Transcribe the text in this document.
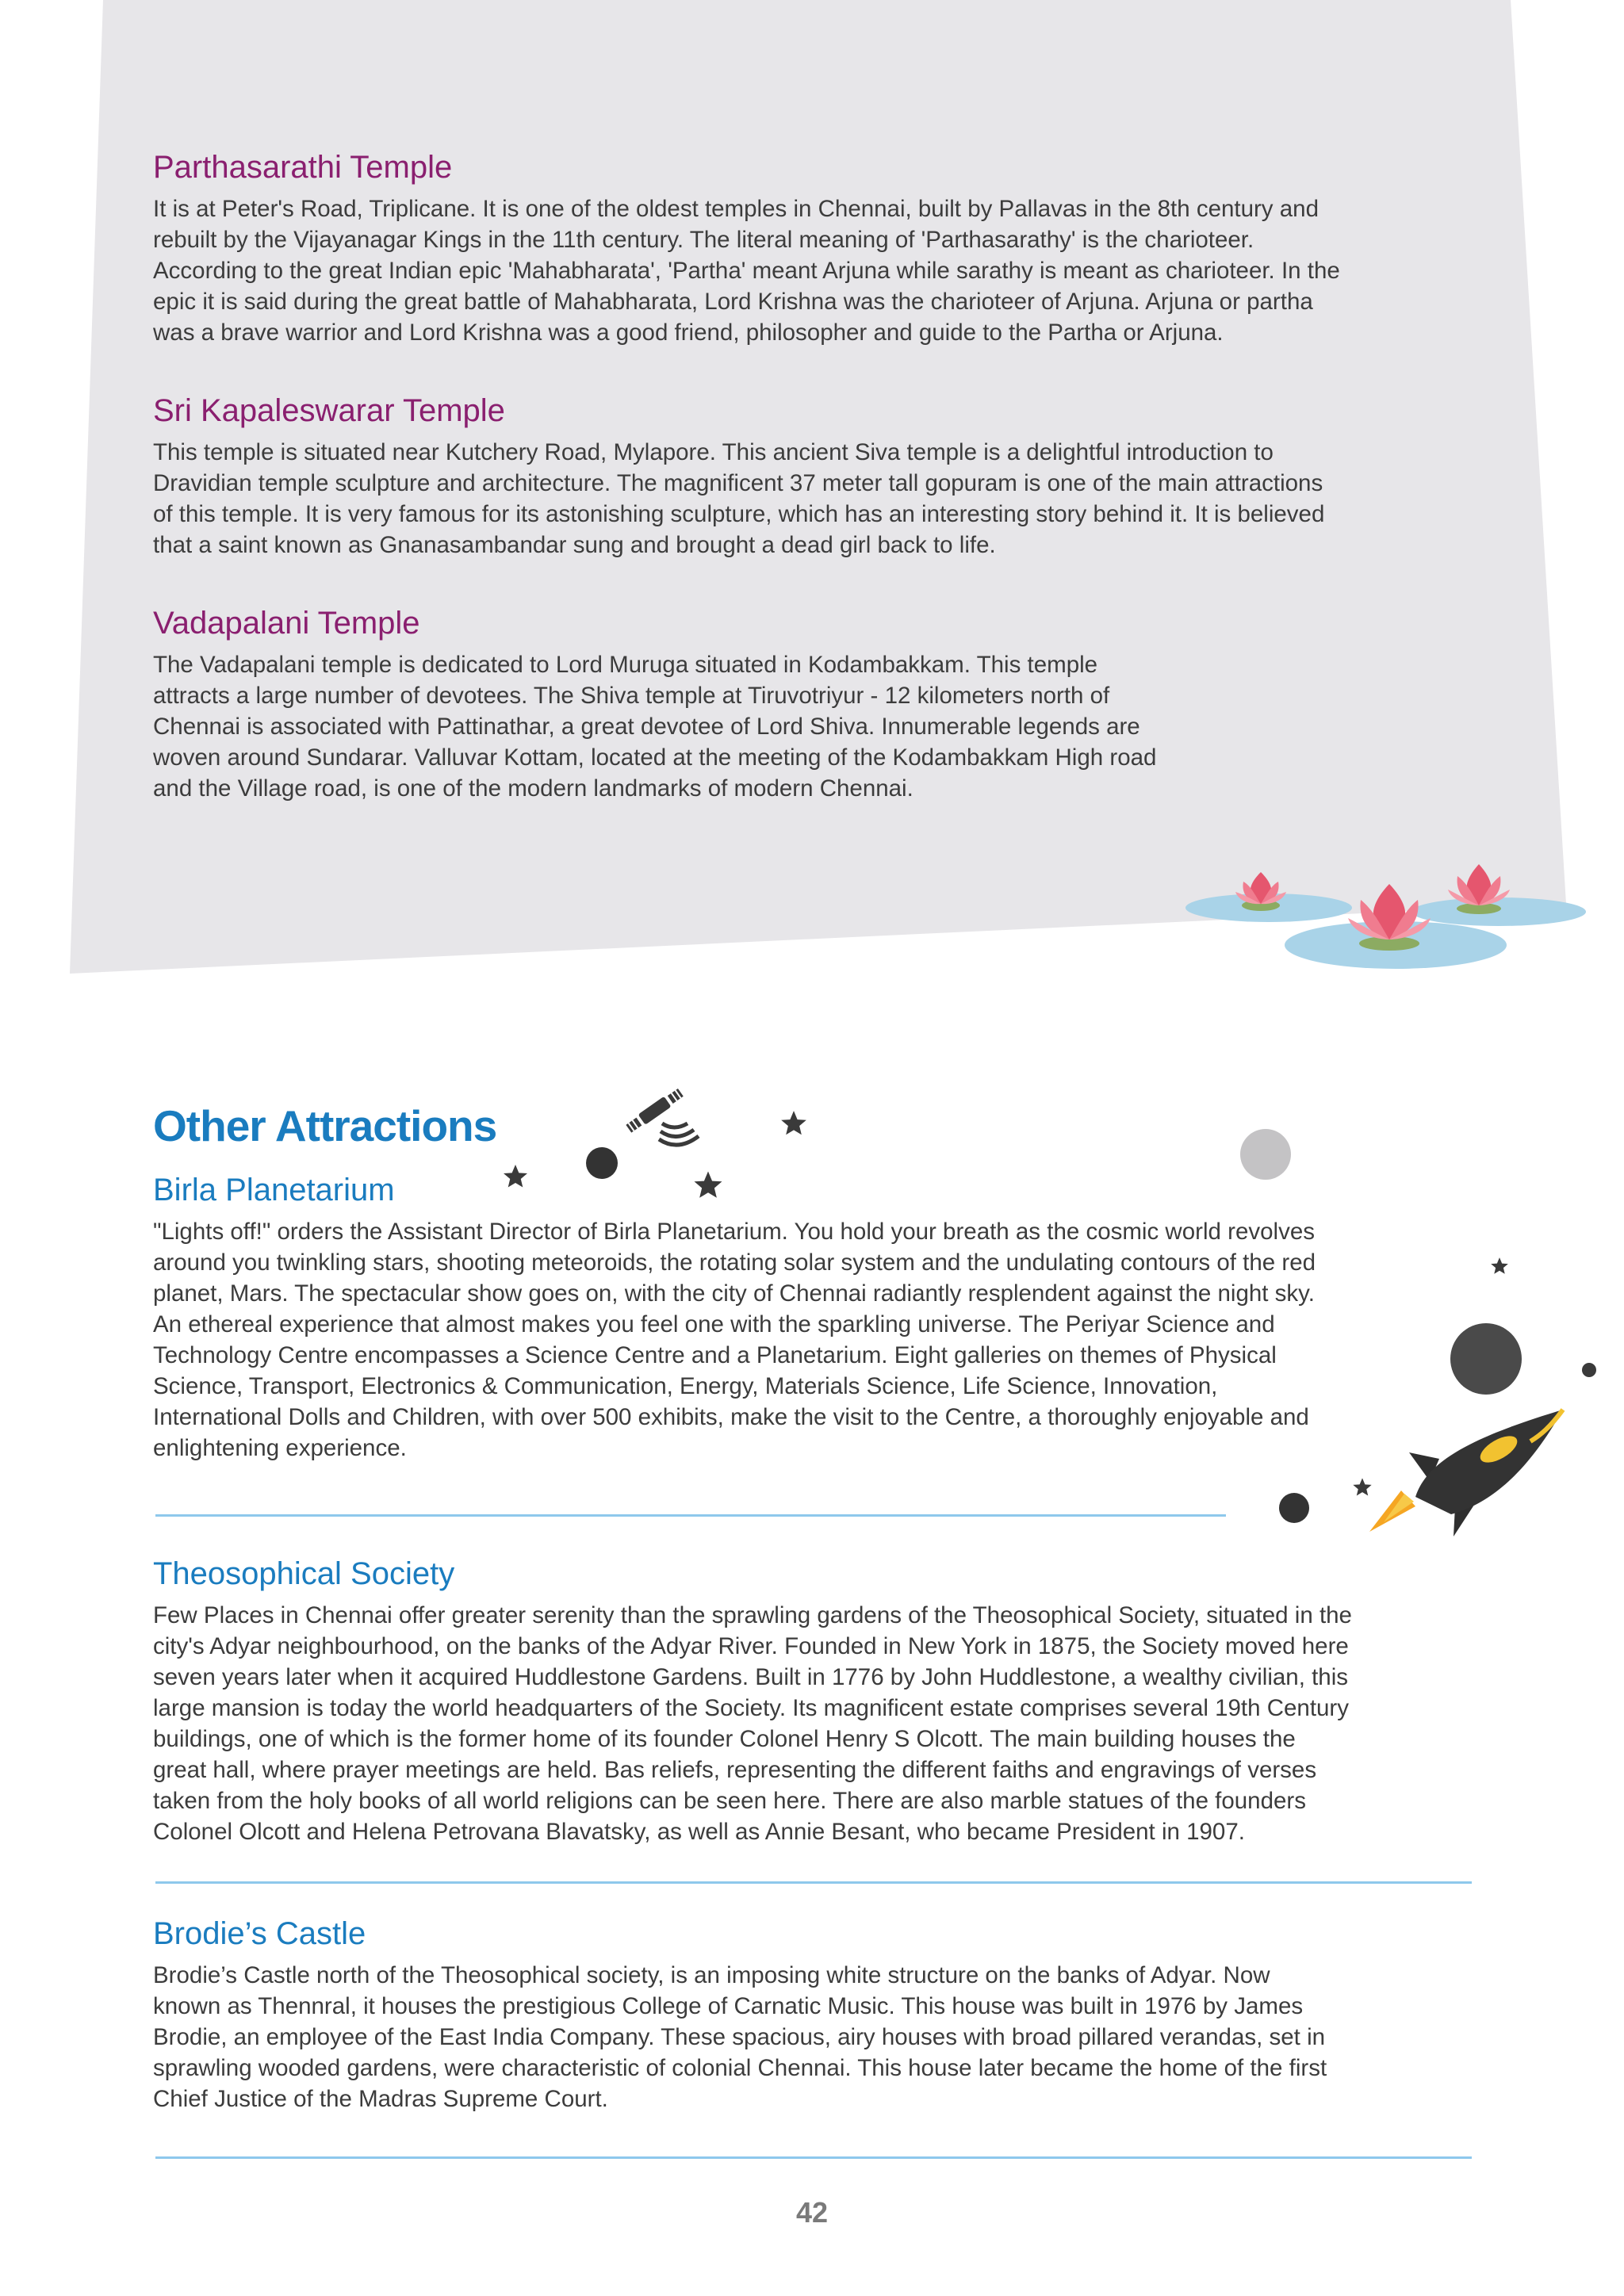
Parthasarathi Temple
It is at Peter's Road, Triplicane. It is one of the oldest temples in Chennai, built by Pallavas in the 8th century and
rebuilt by the Vijayanagar Kings in the 11th century. The literal meaning of 'Parthasarathy' is the charioteer.
According to the great Indian epic 'Mahabharata', 'Partha' meant Arjuna while sarathy is meant as charioteer. In the
epic it is said during the great battle of Mahabharata, Lord Krishna was the charioteer of Arjuna. Arjuna or partha
was a brave warrior and Lord Krishna was a good friend, philosopher and guide to the Partha or Arjuna.
Sri Kapaleswarar Temple
This temple is situated near Kutchery Road, Mylapore. This ancient Siva temple is a delightful introduction to
Dravidian temple sculpture and architecture. The magnificent 37 meter tall gopuram is one of the main attractions
of this temple. It is very famous for its astonishing sculpture, which has an interesting story behind it. It is believed
that a saint known as Gnanasambandar sung and brought a dead girl back to life.
Vadapalani Temple
The Vadapalani temple is dedicated to Lord Muruga situated in Kodambakkam. This temple
attracts a large number of devotees. The Shiva temple at Tiruvotriyur - 12 kilometers north of
Chennai is associated with Pattinathar, a great devotee of Lord Shiva. Innumerable legends are
woven around Sundarar. Valluvar Kottam, located at the meeting of the Kodambakkam High road
and the Village road, is one of the modern landmarks of modern Chennai.
Other Attractions
Birla Planetarium
"Lights off!" orders the Assistant Director of Birla Planetarium. You hold your breath as the cosmic world revolves
around you twinkling stars, shooting meteoroids, the rotating solar system and the undulating contours of the red
planet, Mars. The spectacular show goes on, with the city of Chennai radiantly resplendent against the night sky.
An ethereal experience that almost makes you feel one with the sparkling universe. The Periyar Science and
Technology Centre encompasses a Science Centre and a Planetarium. Eight galleries on themes of Physical
Science, Transport, Electronics & Communication, Energy, Materials Science, Life Science, Innovation,
International Dolls and Children, with over 500 exhibits, make the visit to the Centre, a thoroughly enjoyable and
enlightening experience.
Theosophical Society
Few Places in Chennai offer greater serenity than the sprawling gardens of the Theosophical Society, situated in the
city's Adyar neighbourhood, on the banks of the Adyar River. Founded in New York in 1875, the Society moved here
seven years later when it acquired Huddlestone Gardens. Built in 1776 by John Huddlestone, a wealthy civilian, this
large mansion is today the world headquarters of the Society. Its magnificent estate comprises several 19th Century
buildings, one of which is the former home of its founder Colonel Henry S Olcott. The main building houses the
great hall, where prayer meetings are held. Bas reliefs, representing the different faiths and engravings of verses
taken from the holy books of all world religions can be seen here. There are also marble statues of the founders
Colonel Olcott and Helena Petrovana Blavatsky, as well as Annie Besant, who became President in 1907.
Brodie’s Castle
Brodie’s Castle north of the Theosophical society, is an imposing white structure on the banks of Adyar. Now
known as Thennral, it houses the prestigious College of Carnatic Music. This house was built in 1976 by James
Brodie, an employee of the East India Company. These spacious, airy houses with broad pillared verandas, set in
sprawling wooded gardens, were characteristic of colonial Chennai. This house later became the home of the first
Chief Justice of the Madras Supreme Court.
42
